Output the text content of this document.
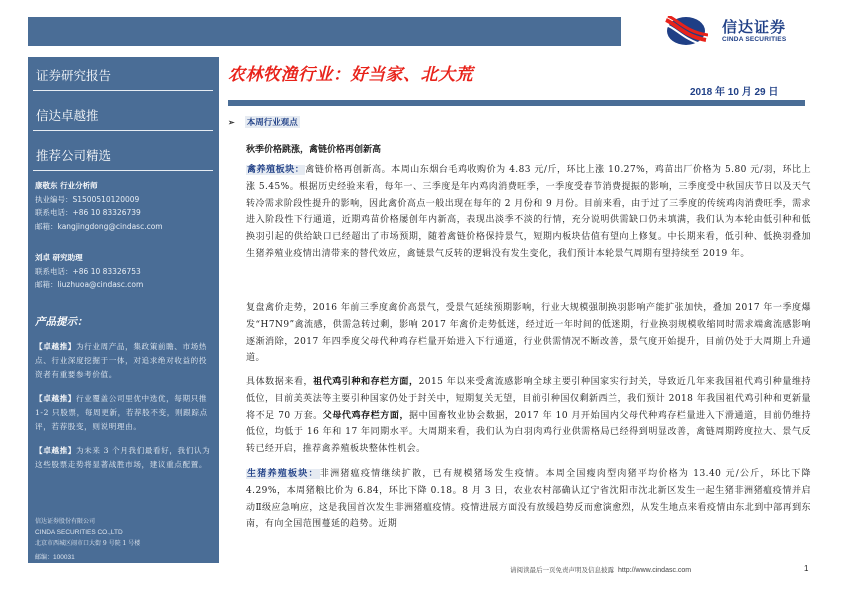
信达证券
CINDA SECURITIES
证券研究报告
信达卓越推
推荐公司精选
康敬东 行业分析师
执业编号：S1500510120009
联系电话：+86 10 83326739
邮箱：kangjingdong@cindasc.com
刘卓 研究助理
联系电话：+86 10 83326753
邮箱：liuzhuoa@cindasc.com
产品提示：
【卓越推】为行业周产品，集政策前瞻、市场热点、行业深度挖掘于一体，对追求绝对收益的投资者有重要参考价值。
【卓越推】行业覆盖公司里优中选优，每期只推 1-2 只股票，每周更新，若荐股不变，则跟踪点评，若荐股变，则说明理由。
【卓越推】为未来 3 个月我们最看好，我们认为这些股票走势将显著战胜市场，建议重点配置。
信达证券股份有限公司
CINDA SECURITIES CO.,LTD
北京市西城区闹市口大街 9 号院 1 号楼
邮编：100031
农林牧渔行业：好当家、北大荒
2018 年 10 月 29 日
➢ 本周行业观点
秋季价格跳涨，禽链价格再创新高
禽养殖板块：禽链价格再创新高。本周山东烟台毛鸡收购价为 4.83 元/斤，环比上涨 10.27%，鸡苗出厂价格为 5.80 元/羽，环比上涨 5.45%。根据历史经验来看，每年一、三季度是年内鸡肉消费旺季，一季度受春节消费提振的影响，三季度受中秋国庆节日以及天气转冷需求阶段性提升的影响，因此禽价高点一般出现在每年的 2 月份和 9 月份。目前来看，由于过了三季度的传统鸡肉消费旺季，需求进入阶段性下行通道，近期鸡苗价格屡创年内新高，表现出淡季不淡的行情，充分说明供需缺口仍未填满，我们认为本轮由低引种和低换羽引起的供给缺口已经超出了市场预期，随着禽链价格保持景气，短期内板块估值有望向上修复。中长期来看，低引种、低换羽叠加生猪养殖业疫情出清带来的替代效应，禽链景气反转的逻辑没有发生变化，我们预计本轮景气周期有望持续至 2019 年。
复盘禽价走势，2016 年前三季度禽价高景气，受景气延续预期影响，行业大规模强制换羽影响产能扩张加快，叠加 2017 年一季度爆发“H7N9”禽流感，供需急转过剩，影响 2017 年禽价走势低迷，经过近一年时间的低迷期，行业换羽规模收缩同时需求端禽流感影响逐渐消除，2017 年四季度父母代种鸡存栏量开始进入下行通道，行业供需情况不断改善，景气度开始提升，目前仍处于大周期上升通道。
具体数据来看，祖代鸡引种和存栏方面，2015 年以来受禽流感影响全球主要引种国家实行封关，导致近几年来我国祖代鸡引种量维持低位，目前美英法等主要引种国家仍处于封关中，短期复关无望，目前引种国仅剩新西兰，我们预计 2018 年我国祖代鸡引种和更新量将不足 70 万套。父母代鸡存栏方面，据中国畜牧业协会数据，2017 年 10 月开始国内父母代种鸡存栏量进入下滑通道，目前仍维持低位，均低于 16 年和 17 年同期水平。大周期来看，我们认为白羽肉鸡行业供需格局已经得到明显改善，禽链周期跨度拉大、景气反转已经开启，推荐禽养殖板块整体性机会。
生猪养殖板块：非洲猪瘟疫情继续扩散，已有规模猪场发生疫情。本周全国瘦肉型肉猪平均价格为 13.40 元/公斤，环比下降 4.29%，本周猪粮比价为 6.84，环比下降 0.18。8 月 3 日，农业农村部确认辽宁省沈阳市沈北新区发生一起生猪非洲猪瘟疫情并启动Ⅱ级应急响应，这是我国首次发生非洲猪瘟疫情。疫情进展方面没有放缓趋势反而愈演愈烈，从发生地点来看疫情由东北到中部再到东南，有向全国范围蔓延的趋势。近期
请阅读最后一页免责声明及信息披露 http://www.cindasc.com	1
